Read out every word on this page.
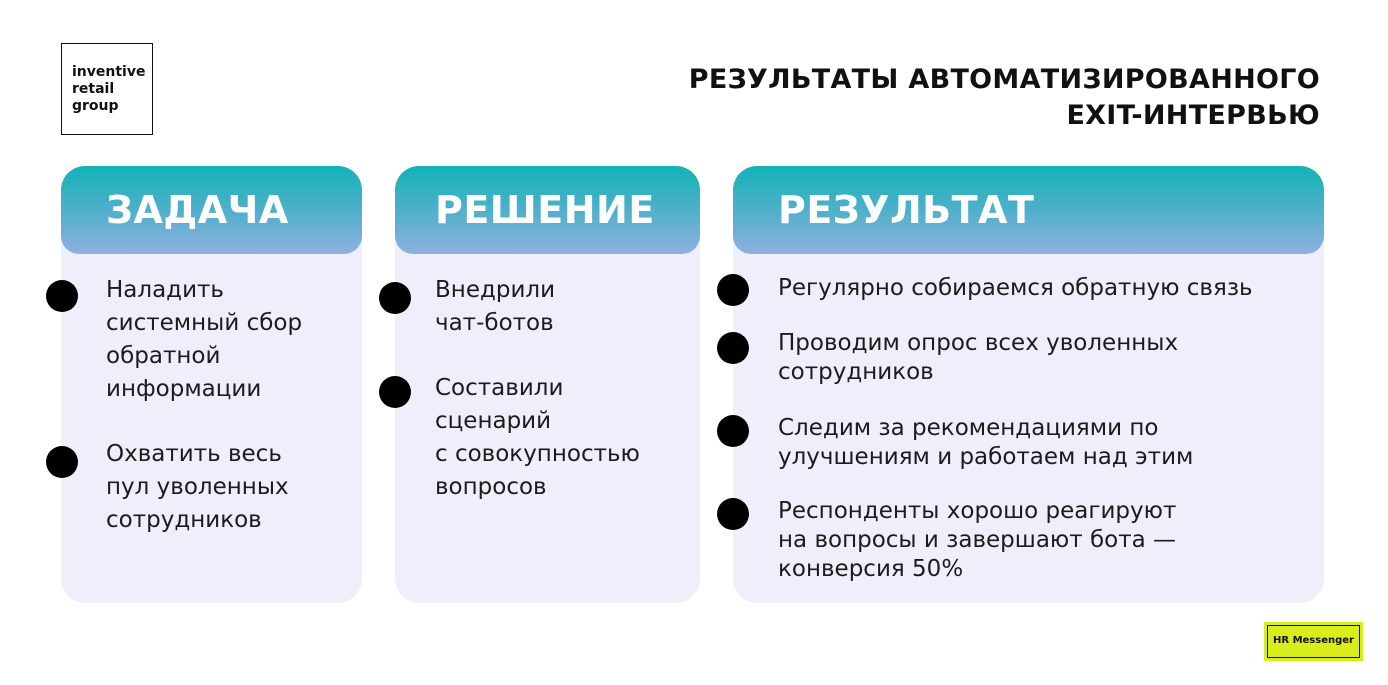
inventive
retail
group
РЕЗУЛЬТАТЫ АВТОМАТИЗИРОВАННОГО
EXIT-ИНТЕРВЬЮ
ЗАДАЧА
Наладить
системный сбор
обратной
информации
Охватить весь
пул уволенных
сотрудников
РЕШЕНИЕ
Внедрили
чат-ботов
Составили
сценарий
с совокупностью
вопросов
РЕЗУЛЬТАТ
Регулярно собираемся обратную связь
Проводим опрос всех уволенных
сотрудников
Следим за рекомендациями по
улучшениям и работаем над этим
Респонденты хорошо реагируют
на вопросы и завершают бота —
конверсия 50%
HR Messenger
